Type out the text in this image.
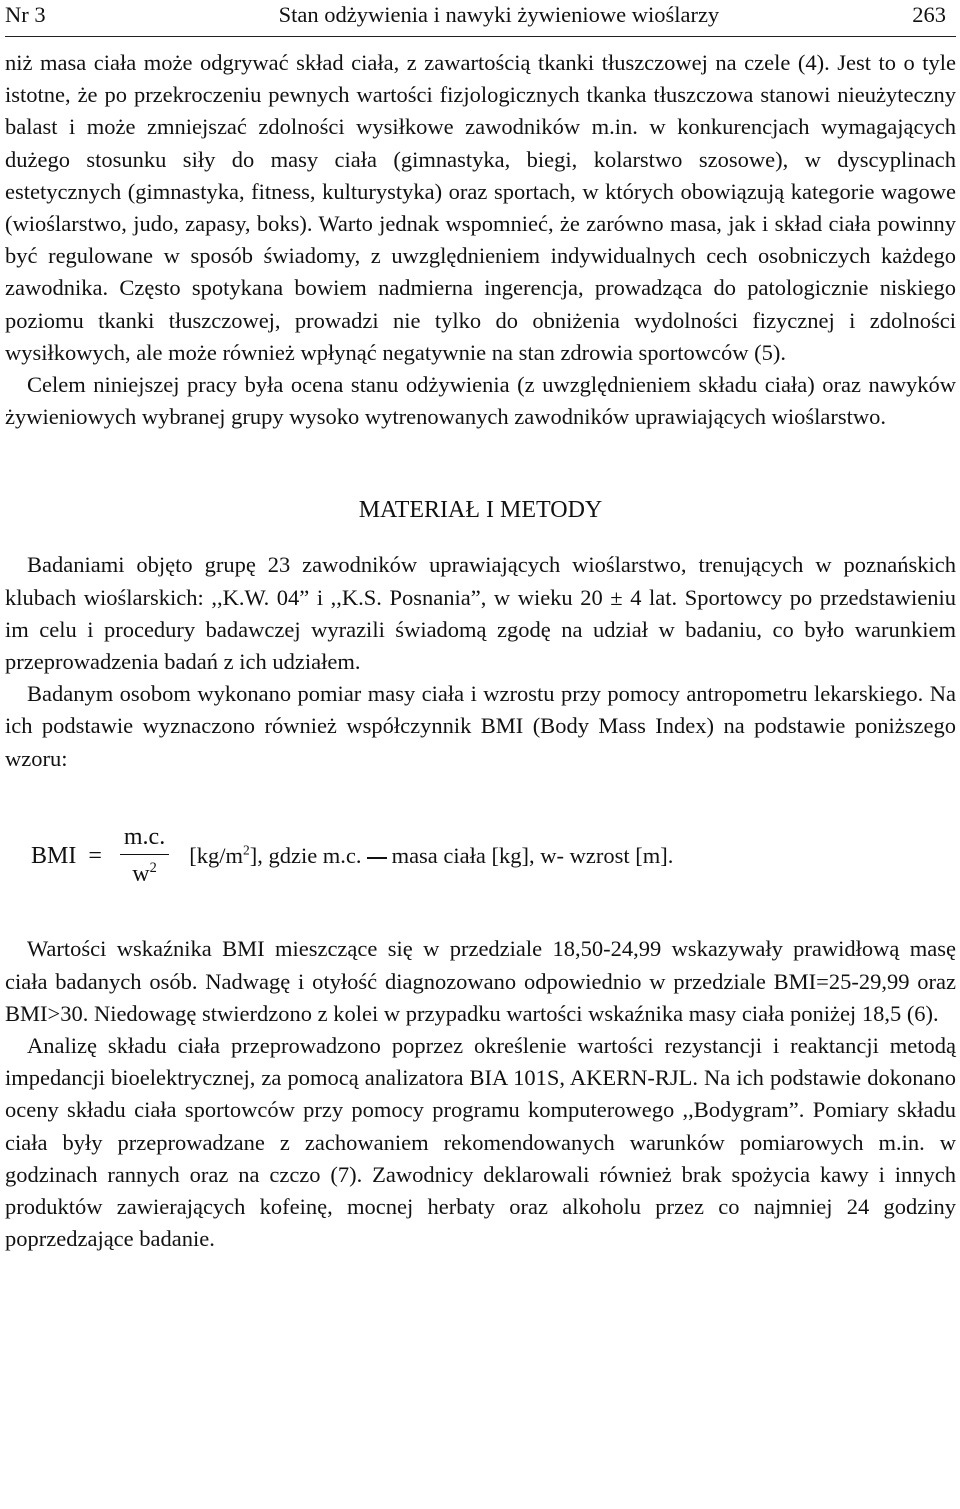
Nr 3	Stan odżywienia i nawyki żywieniowe wioślarzy	263

niż masa ciała może odgrywać skład ciała, z zawartością tkanki tłuszczowej na czele (4). Jest to o tyle istotne, że po przekroczeniu pewnych wartości fizjologicznych tkanka tłuszczowa stanowi nieużyteczny balast i może zmniejszać zdolności wysiłkowe zawodników m.in. w konkurencjach wymagających dużego stosunku siły do masy ciała (gimnastyka, biegi, kolarstwo szosowe), w dyscyplinach estetycznych (gimnastyka, fitness, kulturystyka) oraz sportach, w których obowiązują kategorie wagowe (wioślarstwo, judo, zapasy, boks). Warto jednak wspomnieć, że zarówno masa, jak i skład ciała powinny być regulowane w sposób świadomy, z uwzględnieniem indywidualnych cech osobniczych każdego zawodnika. Często spotykana bowiem nadmierna ingerencja, prowadząca do patologicznie niskiego poziomu tkanki tłuszczowej, prowadzi nie tylko do obniżenia wydolności fizycznej i zdolności wysiłkowych, ale może również wpłynąć negatywnie na stan zdrowia sportowców (5).

Celem niniejszej pracy była ocena stanu odżywienia (z uwzględnieniem składu ciała) oraz nawyków żywieniowych wybranej grupy wysoko wytrenowanych zawodników uprawiających wioślarstwo.

MATERIAŁ I METODY

Badaniami objęto grupę 23 zawodników uprawiających wioślarstwo, trenujących w poznańskich klubach wioślarskich: ,,K.W. 04” i ,,K.S. Posnania”, w wieku 20 ± 4 lat. Sportowcy po przedstawieniu im celu i procedury badawczej wyrazili świadomą zgodę na udział w badaniu, co było warunkiem przeprowadzenia badań z ich udziałem.

Badanym osobom wykonano pomiar masy ciała i wzrostu przy pomocy antropometru lekarskiego. Na ich podstawie wyznaczono również współczynnik BMI (Body Mass Index) na podstawie poniższego wzoru:

BMI = $\frac{m.c.}{w^2} [kg/m^2]$, gdzie m.c. masa ciała [kg], w- wzrost [m].

Wartości wskaźnika BMI mieszczące się w przedziale 18,50-24,99 wskazywały prawidłową masę ciała badanych osób. Nadwagę i otyłość diagnozowano odpowiednio w przedziale BMI=25-29,99 oraz BMI>30. Niedowagę stwierdzono z kolei w przypadku wartości wskaźnika masy ciała poniżej 18,5 (6).

Analizę składu ciała przeprowadzono poprzez określenie wartości rezystancji i reaktancji metodą impedancji bioelektrycznej, za pomocą analizatora BIA 101S, AKERN-RJL. Na ich podstawie dokonano oceny składu ciała sportowców przy pomocy programu komputerowego ,,Bodygram”. Pomiary składu ciała były przeprowadzane z zachowaniem rekomendowanych warunków pomiarowych m.in. w godzinach rannych oraz na czczo (7). Zawodnicy deklarowali również brak spożycia kawy i innych produktów zawierających kofeinę, mocnej herbaty oraz alkoholu przez co najmniej 24 godziny poprzedzające badanie.
